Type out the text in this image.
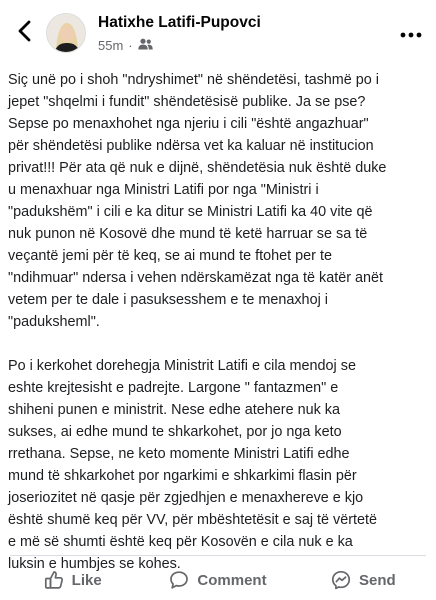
Hatixhe Latifi-Pupovci
55m ·

Siç unë po i shoh "ndryshimet" në shëndetësi, tashmë po i
jepet "shqelmi i fundit" shëndetësisë publike. Ja se pse?
Sepse po menaxhohet nga njeriu i cili "është angazhuar"
për shëndetësi publike ndërsa vet ka kaluar në institucion
privat!!! Për ata që nuk e dijnë, shëndetësia nuk është duke
u menaxhuar nga Ministri Latifi por nga "Ministri i
"padukshëm" i cili e ka ditur se Ministri Latifi ka 40 vite që
nuk punon në Kosovë dhe mund të ketë harruar se sa të
veçantë jemi për të keq, se ai mund te ftohet per te
"ndihmuar" ndersa i vehen ndërskamëzat nga të katër anët
vetem per te dale i pasuksesshem e te menaxhoj i
"paduksheml".

Po i kerkohet dorehegja Ministrit Latifi e cila mendoj se
eshte krejtesisht e padrejte. Largone " fantazmen" e
shiheni punen e ministrit. Nese edhe atehere nuk ka
sukses, ai edhe mund te shkarkohet, por jo nga keto
rrethana. Sepse, ne keto momente Ministri Latifi edhe
mund të shkarkohet por ngarkimi e shkarkimi flasin për
joseriozitet në qasje për zgjedhjen e menaxhereve e kjo
është shumë keq për VV, për mbështetësit e saj të vërtetë
e më së shumti është keq për Kosovën e cila nuk e ka
luksin e humbjes se kohes.

Like	Comment	Send
